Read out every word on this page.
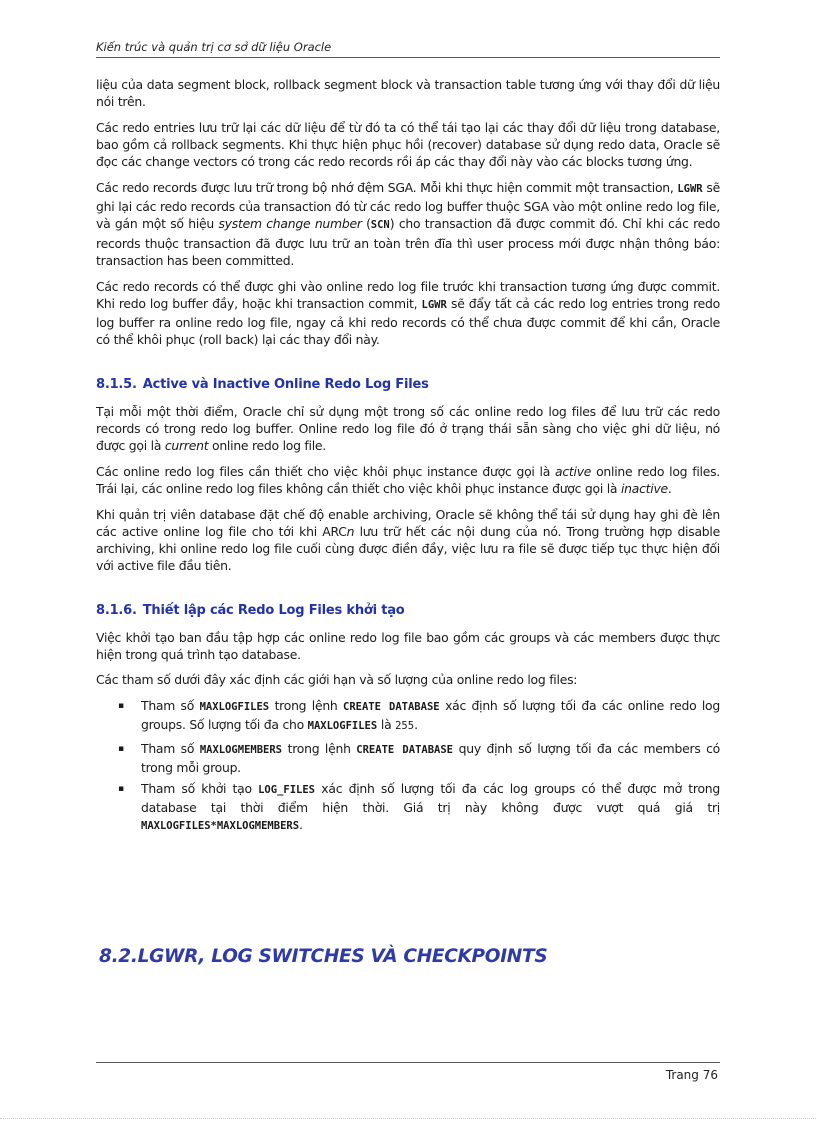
Kiến trúc và quản trị cơ sở dữ liệu Oracle

liệu của data segment block, rollback segment block và transaction table tương ứng với thay đổi dữ liệu nói trên.

Các redo entries lưu trữ lại các dữ liệu để từ đó ta có thể tái tạo lại các thay đổi dữ liệu trong database, bao gồm cả rollback segments. Khi thực hiện phục hồi (recover) database sử dụng redo data, Oracle sẽ đọc các change vectors có trong các redo records rồi áp các thay đổi này vào các blocks tương ứng.

Các redo records được lưu trữ trong bộ nhớ đệm SGA. Mỗi khi thực hiện commit một transaction, LGWR sẽ ghi lại các redo records của transaction đó từ các redo log buffer thuộc SGA vào một online redo log file, và gán một số hiệu system change number (SCN) cho transaction đã được commit đó. Chỉ khi các redo records thuộc transaction đã được lưu trữ an toàn trên đĩa thì user process mới được nhận thông báo: transaction has been committed.

Các redo records có thể được ghi vào online redo log file trước khi transaction tương ứng được commit. Khi redo log buffer đầy, hoặc khi transaction commit, LGWR sẽ đẩy tất cả các redo log entries trong redo log buffer ra online redo log file, ngay cả khi redo records có thể chưa được commit để khi cần, Oracle có thể khôi phục (roll back) lại các thay đổi này.

8.1.5. Active và Inactive Online Redo Log Files

Tại mỗi một thời điểm, Oracle chỉ sử dụng một trong số các online redo log files để lưu trữ các redo records có trong redo log buffer. Online redo log file đó ở trạng thái sẵn sàng cho việc ghi dữ liệu, nó được gọi là current online redo log file.

Các online redo log files cần thiết cho việc khôi phục instance được gọi là active online redo log files. Trái lại, các online redo log files không cần thiết cho việc khôi phục instance được gọi là inactive.

Khi quản trị viên database đặt chế độ enable archiving, Oracle sẽ không thể tái sử dụng hay ghi đè lên các active online log file cho tới khi ARCn lưu trữ hết các nội dung của nó. Trong trường hợp disable archiving, khi online redo log file cuối cùng được điền đầy, việc lưu ra file sẽ được tiếp tục thực hiện đối với active file đầu tiên.

8.1.6. Thiết lập các Redo Log Files khởi tạo

Việc khởi tạo ban đầu tập hợp các online redo log file bao gồm các groups và các members được thực hiện trong quá trình tạo database.

Các tham số dưới đây xác định các giới hạn và số lượng của online redo log files:

▪ Tham số MAXLOGFILES trong lệnh CREATE DATABASE xác định số lượng tối đa các online redo log groups. Số lượng tối đa cho MAXLOGFILES là 255.
▪ Tham số MAXLOGMEMBERS trong lệnh CREATE DATABASE quy định số lượng tối đa các members có trong mỗi group.
▪ Tham số khởi tạo LOG_FILES xác định số lượng tối đa các log groups có thể được mở trong database tại thời điểm hiện thời. Giá trị này không được vượt quá giá trị MAXLOGFILES*MAXLOGMEMBERS.
8.2.LGWR, LOG SWITCHES VÀ CHECKPOINTS
Trang 76
